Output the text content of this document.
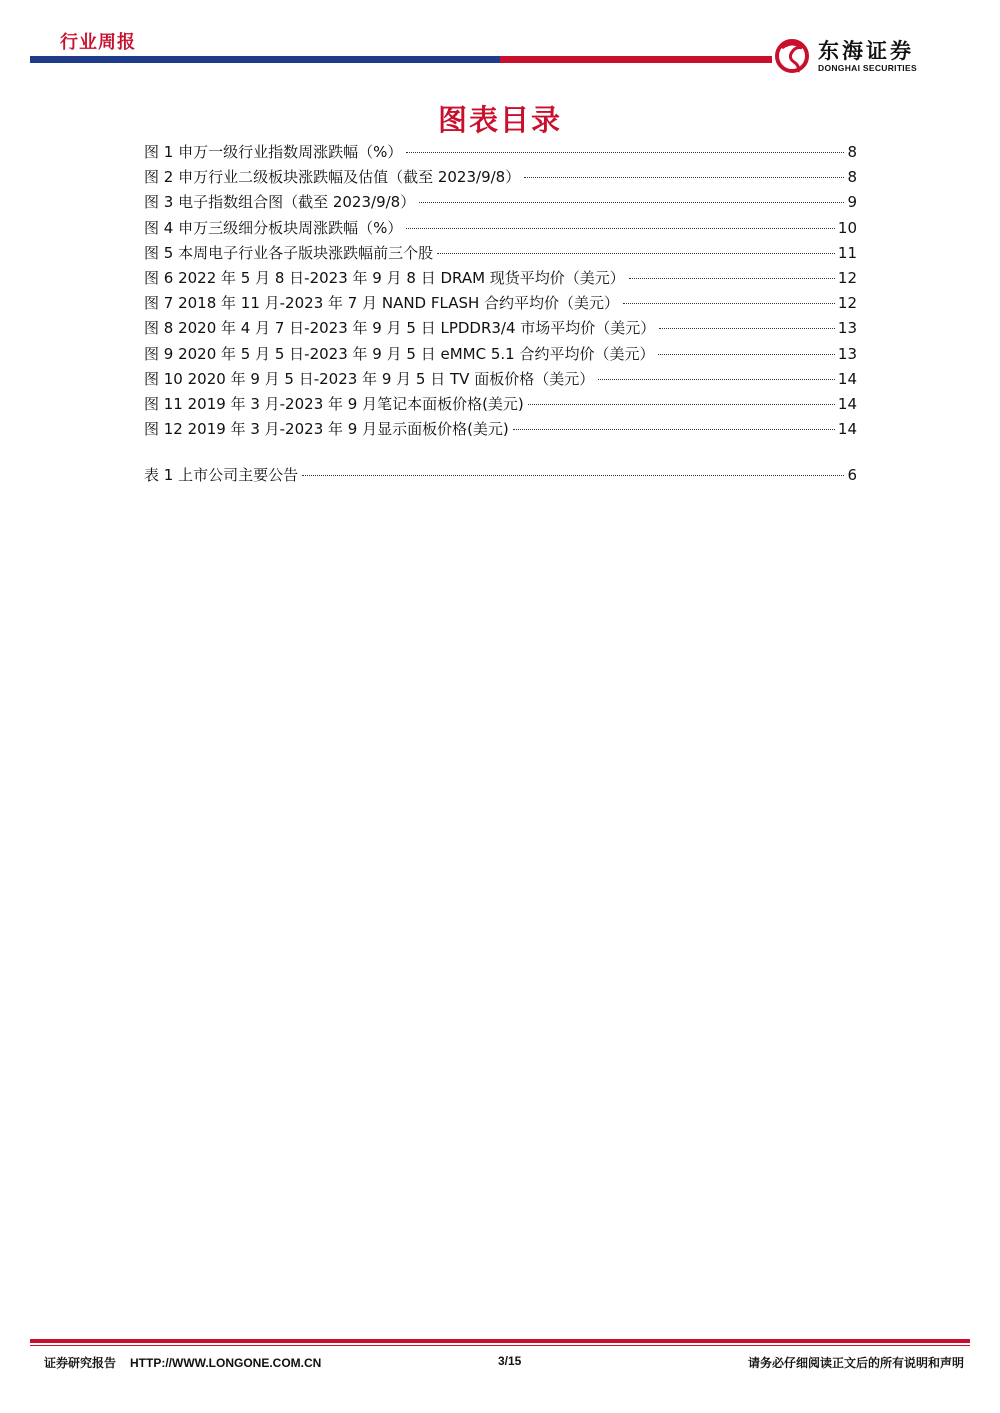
行业周报	东海证券
DONGHAI SECURITIES
图表目录
图 1 申万一级行业指数周涨跌幅（%）	8
图 2 申万行业二级板块涨跌幅及估值（截至 2023/9/8）	8
图 3 电子指数组合图（截至 2023/9/8）	9
图 4 申万三级细分板块周涨跌幅（%）	10
图 5 本周电子行业各子版块涨跌幅前三个股	11
图 6 2022 年 5 月 8 日-2023 年 9 月 8 日 DRAM 现货平均价（美元）	12
图 7 2018 年 11 月-2023 年 7 月 NAND FLASH 合约平均价（美元）	12
图 8 2020 年 4 月 7 日-2023 年 9 月 5 日 LPDDR3/4 市场平均价（美元）	13
图 9 2020 年 5 月 5 日-2023 年 9 月 5 日 eMMC 5.1 合约平均价（美元）	13
图 10 2020 年 9 月 5 日-2023 年 9 月 5 日 TV 面板价格（美元）	14
图 11 2019 年 3 月-2023 年 9 月笔记本面板价格(美元)	14
图 12 2019 年 3 月-2023 年 9 月显示面板价格(美元)	14
表 1 上市公司主要公告	6
证券研究报告 HTTP://WWW.LONGONE.COM.CN	3/15	请务必仔细阅读正文后的所有说明和声明
